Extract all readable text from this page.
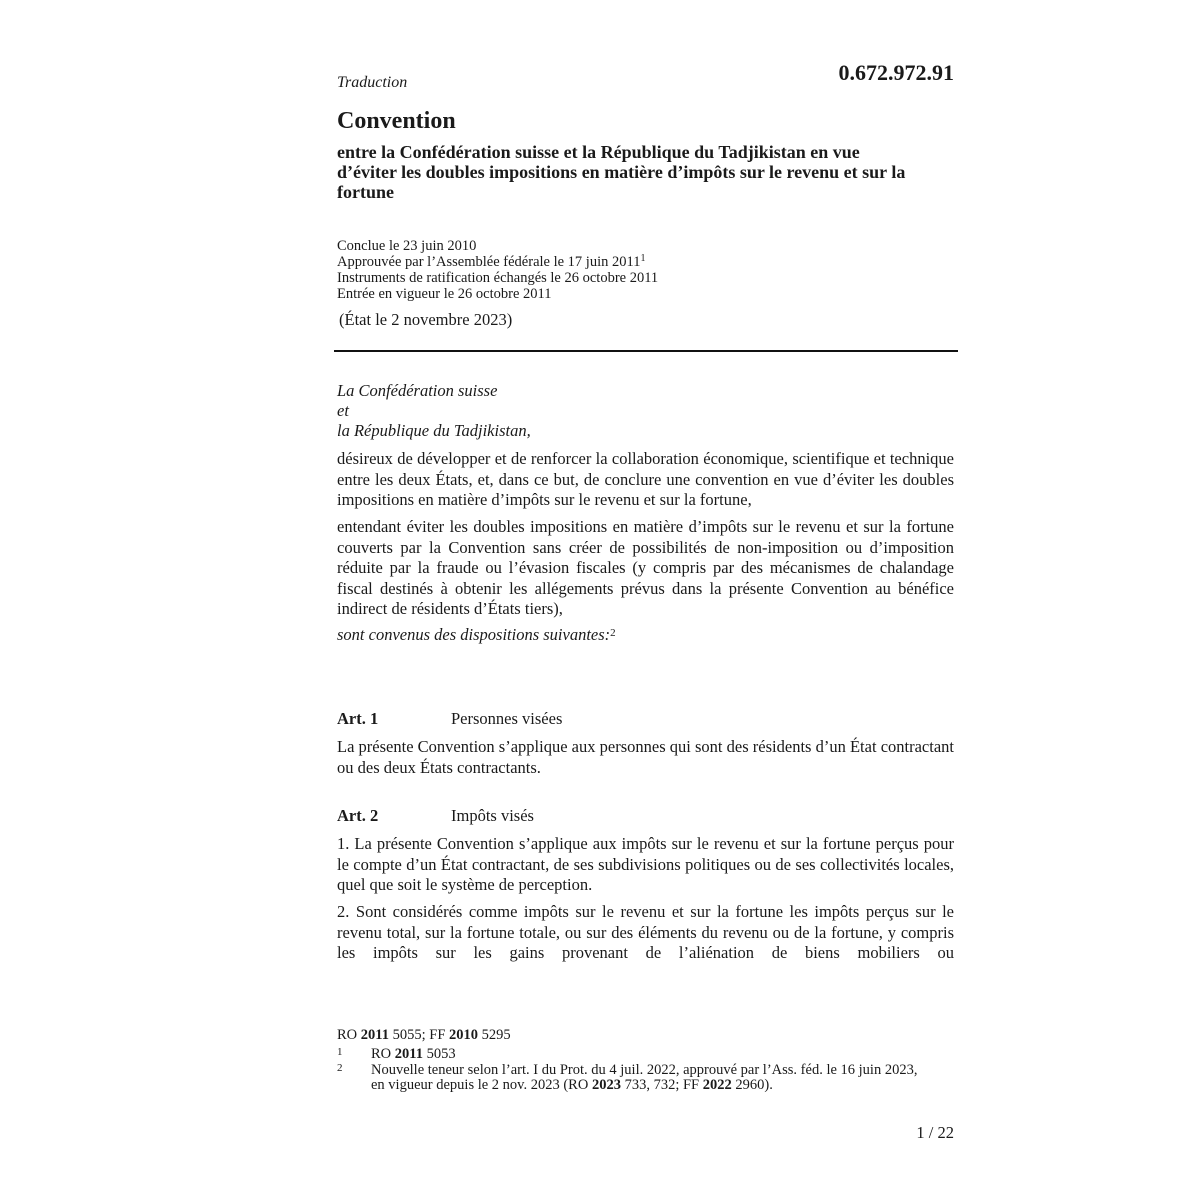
Traduction	0.672.972.91
Convention
entre la Confédération suisse et la République du Tadjikistan en vue d’éviter les doubles impositions en matière d’impôts sur le revenu et sur la fortune
Conclue le 23 juin 2010
Approuvée par l’Assemblée fédérale le 17 juin 2011$^1$
Instruments de ratification échangés le 26 octobre 2011
Entrée en vigueur le 26 octobre 2011
(État le 2 novembre 2023)
La Confédération suisse
et
la République du Tadjikistan,
désireux de développer et de renforcer la collaboration économique, scientifique et technique entre les deux États, et, dans ce but, de conclure une convention en vue d’éviter les doubles impositions en matière d’impôts sur le revenu et sur la fortune,
entendant éviter les doubles impositions en matière d’impôts sur le revenu et sur la fortune couverts par la Convention sans créer de possibilités de non-imposition ou d’imposition réduite par la fraude ou l’évasion fiscales (y compris par des mécanismes de chalandage fiscal destinés à obtenir les allégements prévus dans la présente Convention au bénéfice indirect de résidents d’États tiers),
sont convenus des dispositions suivantes:$^2$
Art. 1	Personnes visées
La présente Convention s’applique aux personnes qui sont des résidents d’un État contractant ou des deux États contractants.
Art. 2	Impôts visés
1. La présente Convention s’applique aux impôts sur le revenu et sur la fortune perçus pour le compte d’un État contractant, de ses subdivisions politiques ou de ses collectivités locales, quel que soit le système de perception.
2. Sont considérés comme impôts sur le revenu et sur la fortune les impôts perçus sur le revenu total, sur la fortune totale, ou sur des éléments du revenu ou de la fortune, y compris les impôts sur les gains provenant de l’aliénation de biens mobiliers ou
RO 2011 5055; FF 2010 5295
1 RO 2011 5053
2 Nouvelle teneur selon l’art. I du Prot. du 4 juil. 2022, approuvé par l’Ass. féd. le 16 juin 2023, en vigueur depuis le 2 nov. 2023 (RO 2023 733, 732; FF 2022 2960).
1 / 22
